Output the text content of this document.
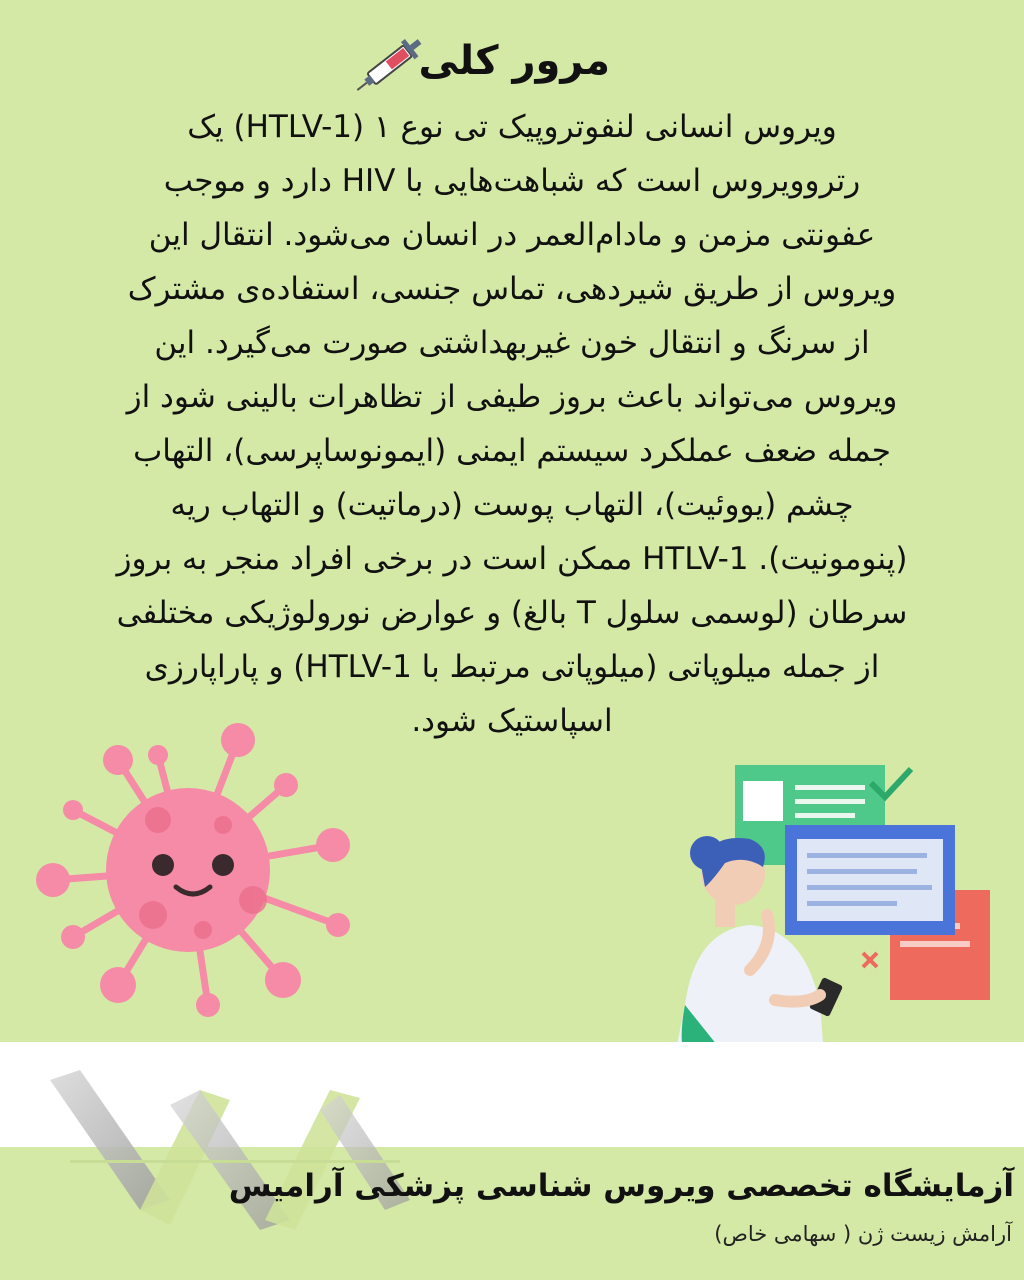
مرور کلی
ویروس انسانی لنفوتروپیک تی نوع ۱ (HTLV-1) یک
رتروویروس است که شباهت‌هایی با HIV دارد و موجب
عفونتی مزمن و مادام‌العمر در انسان می‌شود. انتقال این
ویروس از طریق شیردهی، تماس جنسی، استفاده‌ی مشترک
از سرنگ و انتقال خون غیربهداشتی صورت می‌گیرد. این
ویروس می‌تواند باعث بروز طیفی از تظاهرات بالینی شود از
جمله ضعف عملکرد سیستم ایمنی (ایمونوساپرسی)، التهاب
چشم (یووئیت)، التهاب پوست (درماتیت) و التهاب ریه
(پنومونیت). HTLV-1 ممکن است در برخی افراد منجر به بروز
سرطان (لوسمی سلول T بالغ) و عوارض نورولوژیکی مختلفی
از جمله میلوپاتی (میلوپاتی مرتبط با HTLV-1) و پاراپارزی
اسپاستیک شود.
آزمایشگاه تخصصی ویروس شناسی پزشکی آرامیس
آرامش زیست ژن ( سهامی خاص)
